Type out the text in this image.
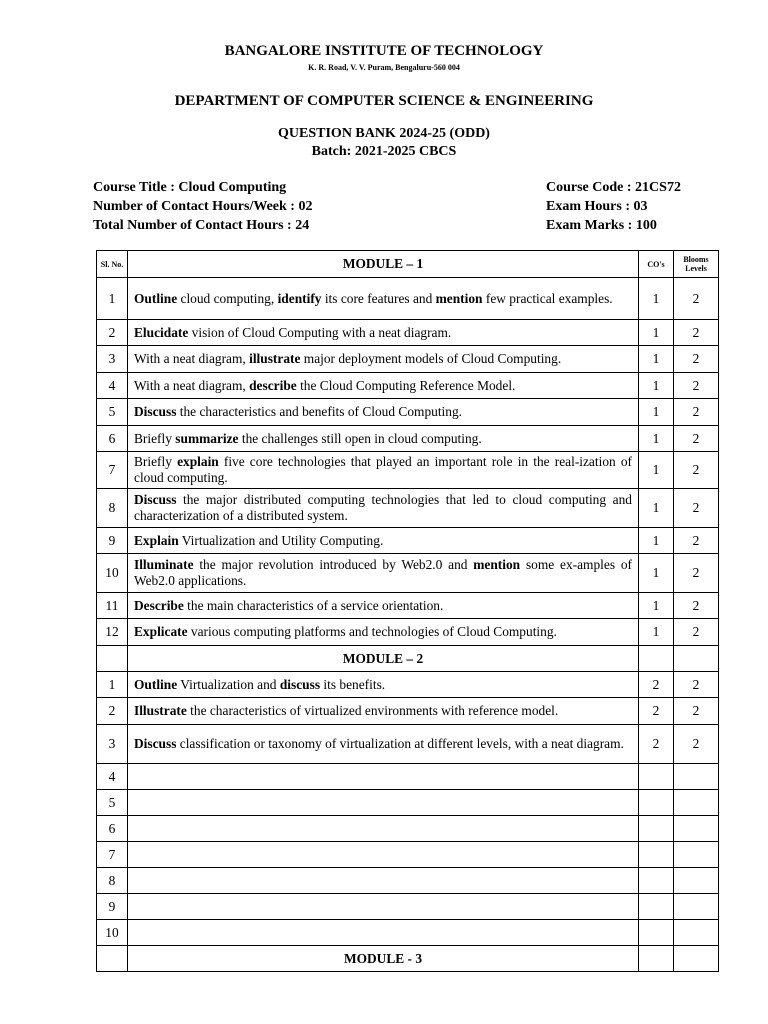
BANGALORE INSTITUTE OF TECHNOLOGY
K. R. Road, V. V. Puram, Bengaluru-560 004
DEPARTMENT OF COMPUTER SCIENCE & ENGINEERING
QUESTION BANK 2024-25 (ODD)
Batch: 2021-2025 CBCS
Course Title : Cloud Computing
Number of Contact Hours/Week : 02
Total Number of Contact Hours : 24
Course Code : 21CS72
Exam Hours : 03
Exam Marks : 100
Sl. No.	MODULE – 1	CO's	Blooms Levels
1	Outline cloud computing, identify its core features and mention few practical examples.	1	2
2	Elucidate vision of Cloud Computing with a neat diagram.	1	2
3	With a neat diagram, illustrate major deployment models of Cloud Computing.	1	2
4	With a neat diagram, describe the Cloud Computing Reference Model.	1	2
5	Discuss the characteristics and benefits of Cloud Computing.	1	2
6	Briefly summarize the challenges still open in cloud computing.	1	2
7	Briefly explain five core technologies that played an important role in the real-ization of cloud computing.	1	2
8	Discuss the major distributed computing technologies that led to cloud computing and characterization of a distributed system.	1	2
9	Explain Virtualization and Utility Computing.	1	2
10	Illuminate the major revolution introduced by Web2.0 and mention some ex-amples of Web2.0 applications.	1	2
11	Describe the main characteristics of a service orientation.	1	2
12	Explicate various computing platforms and technologies of Cloud Computing.	1	2
	MODULE – 2		
1	Outline Virtualization and discuss its benefits.	2	2
2	Illustrate the characteristics of virtualized environments with reference model.	2	2
3	Discuss classification or taxonomy of virtualization at different levels, with a neat diagram.	2	2
4			
5			
6			
7			
8			
9			
10			
	MODULE - 3		
